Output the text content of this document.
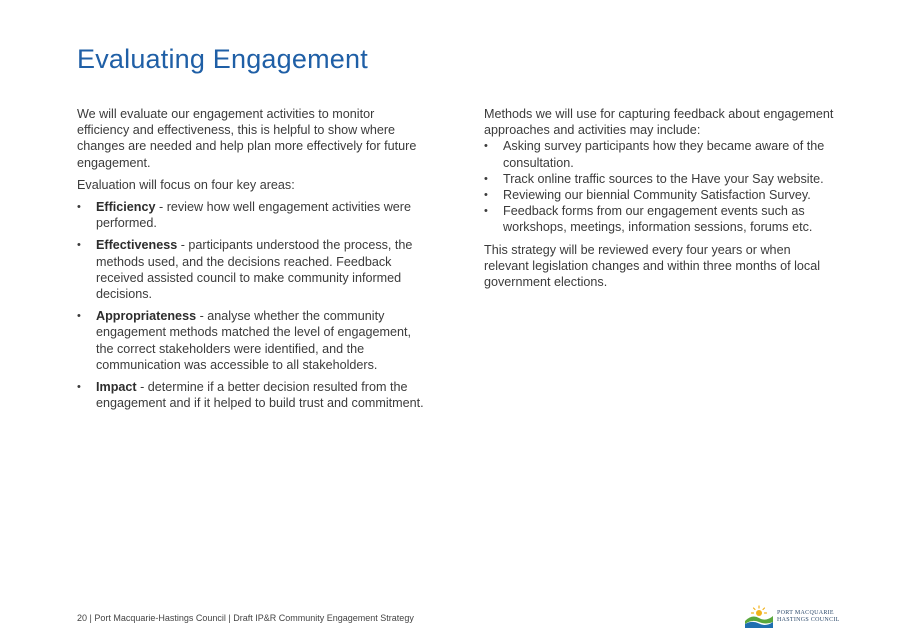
Evaluating Engagement

We will evaluate our engagement activities to monitor efficiency and effectiveness, this is helpful to show where changes are needed and help plan more effectively for future engagement.

Evaluation will focus on four key areas:

• Efficiency - review how well engagement activities were performed.
• Effectiveness - participants understood the process, the methods used, and the decisions reached. Feedback received assisted council to make community informed decisions.
• Appropriateness - analyse whether the community engagement methods matched the level of engagement, the correct stakeholders were identified, and the communication was accessible to all stakeholders.
• Impact - determine if a better decision resulted from the engagement and if it helped to build trust and commitment.

Methods we will use for capturing feedback about engagement approaches and activities may include:

• Asking survey participants how they became aware of the consultation.
• Track online traffic sources to the Have your Say website.
• Reviewing our biennial Community Satisfaction Survey.
• Feedback forms from our engagement events such as workshops, meetings, information sessions, forums etc.

This strategy will be reviewed every four years or when relevant legislation changes and within three months of local government elections.

20 | Port Macquarie-Hastings Council | Draft IP&R Community Engagement Strategy	PORT MACQUARIE
HASTINGS COUNCIL
